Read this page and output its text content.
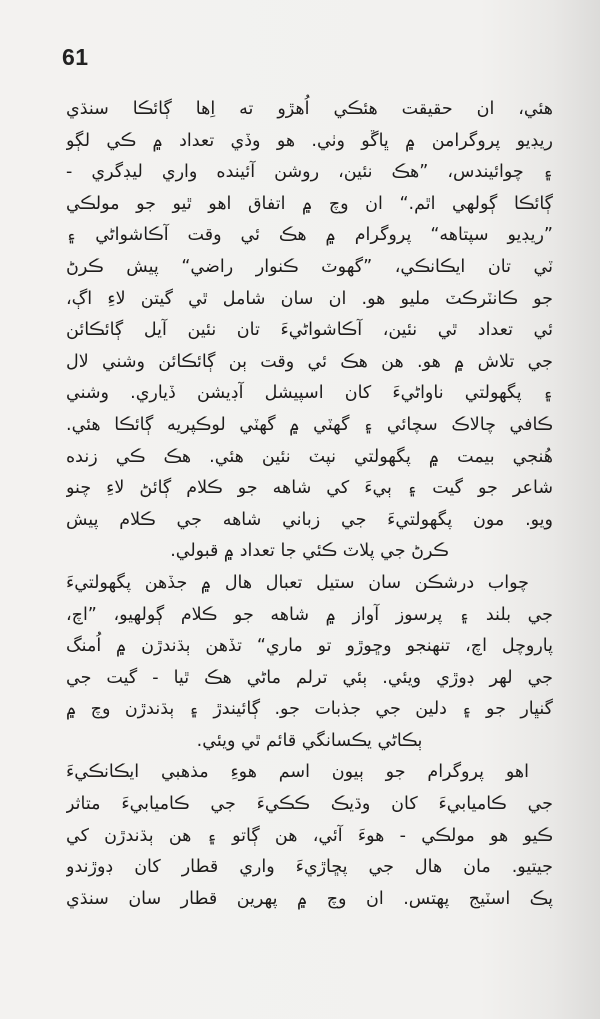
61
هئي، ان حقيقت هئڪي اُهڙو ته اِها ڳائڪا سنڌي
ريڊيو پروگرامن ۾ ڀاڱو وٺي. هو وڏي تعداد ۾ ڪي لڳو
۽ چوائيندس، ”هڪ نئين، روشن آئينده واري ليڊگري -
ڳائڪا ڳولهي اٿم.“ ان وچ ۾ اتفاق اهو ٿيو جو مولڪي
”ريڊيو سپتاهه“ پروگرام ۾ هڪ ئي وقت آڪاشواڻي ۽
ٽي تان ايڪانڪي، ”گهوٽ ڪنوار راضي“ پيش ڪرڻ
جو ڪانٽرڪٽ مليو هو. ان سان شامل ٿي گيتن لاءِ اڳ،
ئي تعداد ٿي نئين، آڪاشواڻيءَ تان نئين آيل ڳائڪائن
جي تلاش ۾ هو. هن هڪ ئي وقت ٻن ڳائڪائن وشني لال
۽ پگهولتي ناواڻيءَ کان اسپيشل آڊيشن ڏياري. وشني
ڪافي چالاڪ سچائي ۽ گهٽي ۾ گهٽي لوڪپريه ڳائڪا هئي.
هُنجي بيمت ۾ پگهولتي نپٽ نئين هئي. هڪ ڪي زنده
شاعر جو گيت ۽ ٻيءَ کي شاهه جو ڪلام ڳائڻ لاءِ چنو
ويو. مون پگهولتيءَ جي زباني شاهه جي ڪلام پيش
ڪرڻ جي پلاٽ ڪئي جا تعداد ۾ قبولي.
چواب درشڪن سان ستيل تعبال هال ۾ جڏهن پگهولتيءَ
جي بلند ۽ پرسوز آواز ۾ شاهه جو ڪلام ڳولهيو، ”اچ،
پاروچل اچ، تنهنجو وڇوڙو تو ماري“ تڏهن ٻڌندڙن ۾ اُمنگ
جي لهر ڊوڙي ويئي. ٻئي ترلم ماڻي هڪ ٿيا - گيت جي
گنڀار جو ۽ دلين جي جذبات جو. ڳائيندڙ ۽ ٻڌندڙن وچ ۾
ٻڪاڻي يڪسانگي قائم ٿي ويئي.
اهو پروگرام جو ٻيون اسم هوءِ مذهبي ايڪانڪيءَ
جي ڪاميابيءَ کان وڌيڪ ڪڪيءَ جي ڪاميابيءَ متاثر
ڪيو هو مولڪي - هوءَ آئي، هن ڳاتو ۽ هن ٻڌندڙن کي
جيتيو. مان هال جي پڇاڙيءَ واري قطار کان ڊوڙندو
پڪ اسٽيج پهتس. ان وچ ۾ پهرين قطار سان سنڌي
